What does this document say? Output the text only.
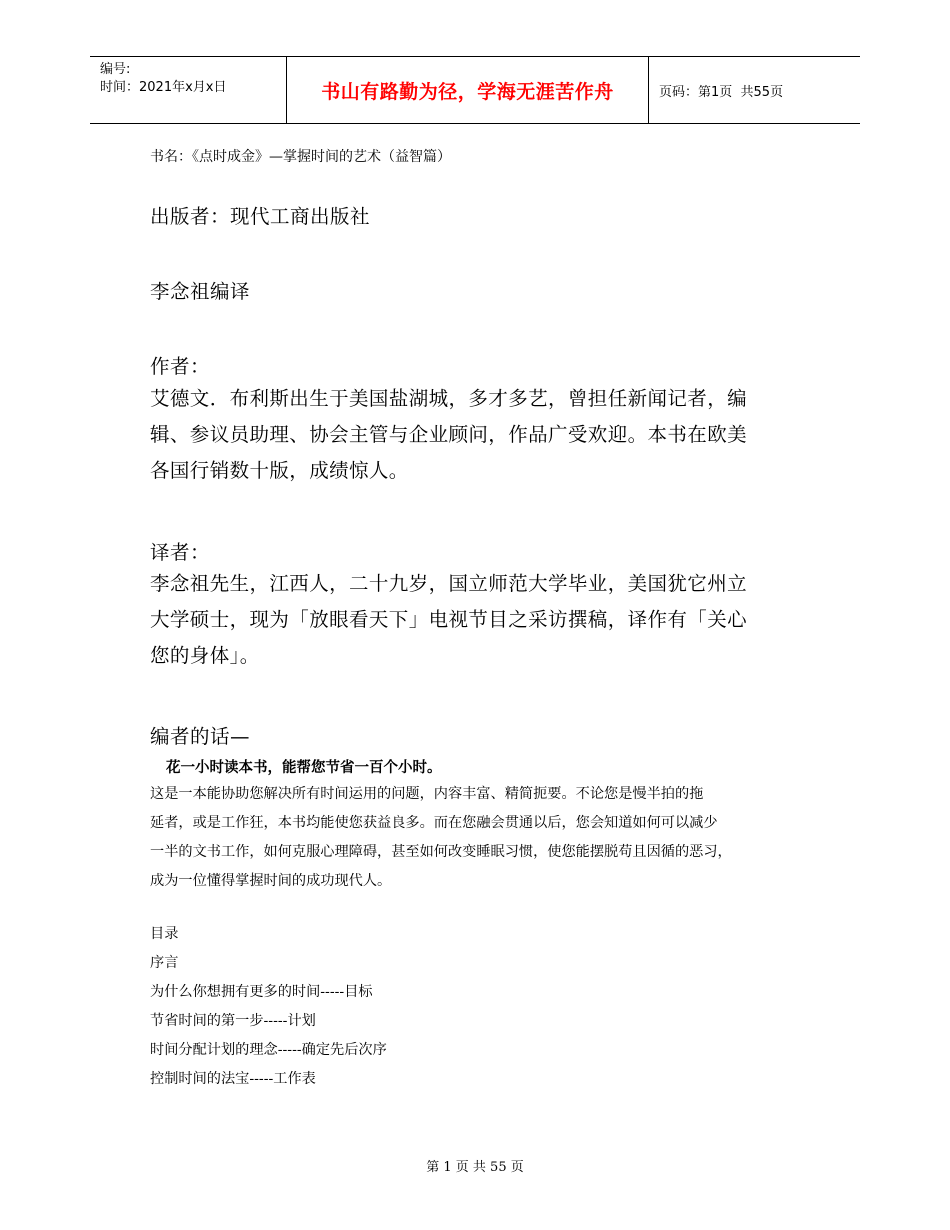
编号:
时间：2021年x月x日	书山有路勤为径，学海无涯苦作舟	页码：第1页  共55页
书名：《点时成金》—掌握时间的艺术（益智篇）
出版者：现代工商出版社
李念祖编译
作者：
艾德文．布利斯出生于美国盐湖城，多才多艺，曾担任新闻记者，编
辑、参议员助理、协会主管与企业顾问，作品广受欢迎。本书在欧美
各国行销数十版，成绩惊人。
译者：
李念祖先生，江西人，二十九岁，国立师范大学毕业，美国犹它州立
大学硕士，现为「放眼看天下」电视节目之采访撰稿，译作有「关心
您的身体」。
编者的话—
花一小时读本书，能帮您节省一百个小时。
这是一本能协助您解决所有时间运用的问题，内容丰富、精简扼要。不论您是慢半拍的拖
延者，或是工作狂，本书均能使您获益良多。而在您融会贯通以后，您会知道如何可以减少
一半的文书工作，如何克服心理障碍，甚至如何改变睡眠习惯，使您能摆脱苟且因循的恶习，
成为一位懂得掌握时间的成功现代人。
目录
序言
为什么你想拥有更多的时间-----目标
节省时间的第一步-----计划
时间分配计划的理念-----确定先后次序
控制时间的法宝-----工作表
第 1 页 共 55 页
